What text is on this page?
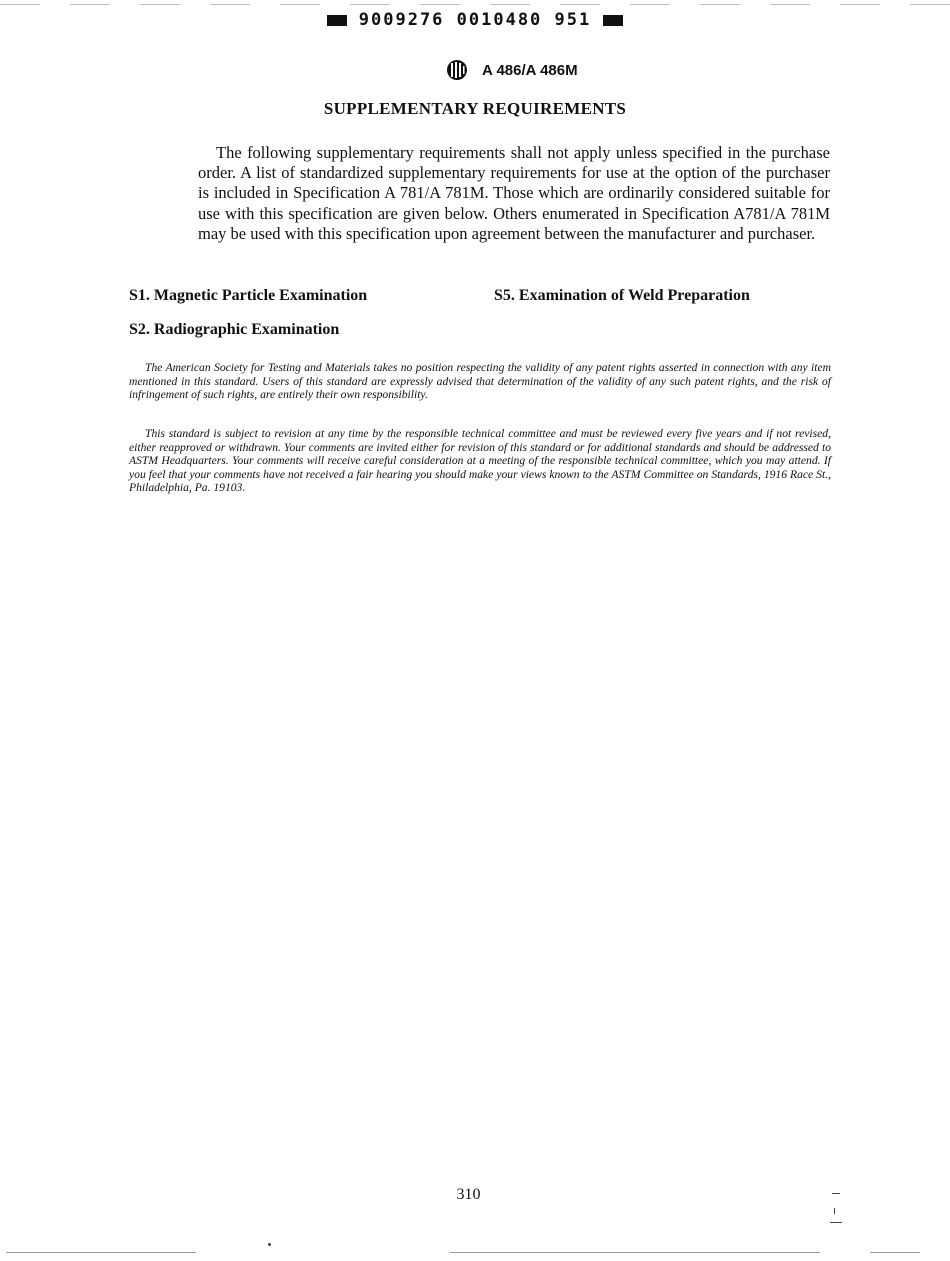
9009276 0010480 951
A 486/A 486M
SUPPLEMENTARY REQUIREMENTS

The following supplementary requirements shall not apply unless specified in the purchase order. A list of standardized supplementary requirements for use at the option of the purchaser is included in Specification A 781/A 781M. Those which are ordinarily considered suitable for use with this specification are given below. Others enumerated in Specification A781/A 781M may be used with this specification upon agreement between the manufacturer and purchaser.

S1. Magnetic Particle Examination	S5. Examination of Weld Preparation
S2. Radiographic Examination

The American Society for Testing and Materials takes no position respecting the validity of any patent rights asserted in connection with any item mentioned in this standard. Users of this standard are expressly advised that determination of the validity of any such patent rights, and the risk of infringement of such rights, are entirely their own responsibility.

This standard is subject to revision at any time by the responsible technical committee and must be reviewed every five years and if not revised, either reapproved or withdrawn. Your comments are invited either for revision of this standard or for additional standards and should be addressed to ASTM Headquarters. Your comments will receive careful consideration at a meeting of the responsible technical committee, which you may attend. If you feel that your comments have not received a fair hearing you should make your views known to the ASTM Committee on Standards, 1916 Race St., Philadelphia, Pa. 19103.

310
